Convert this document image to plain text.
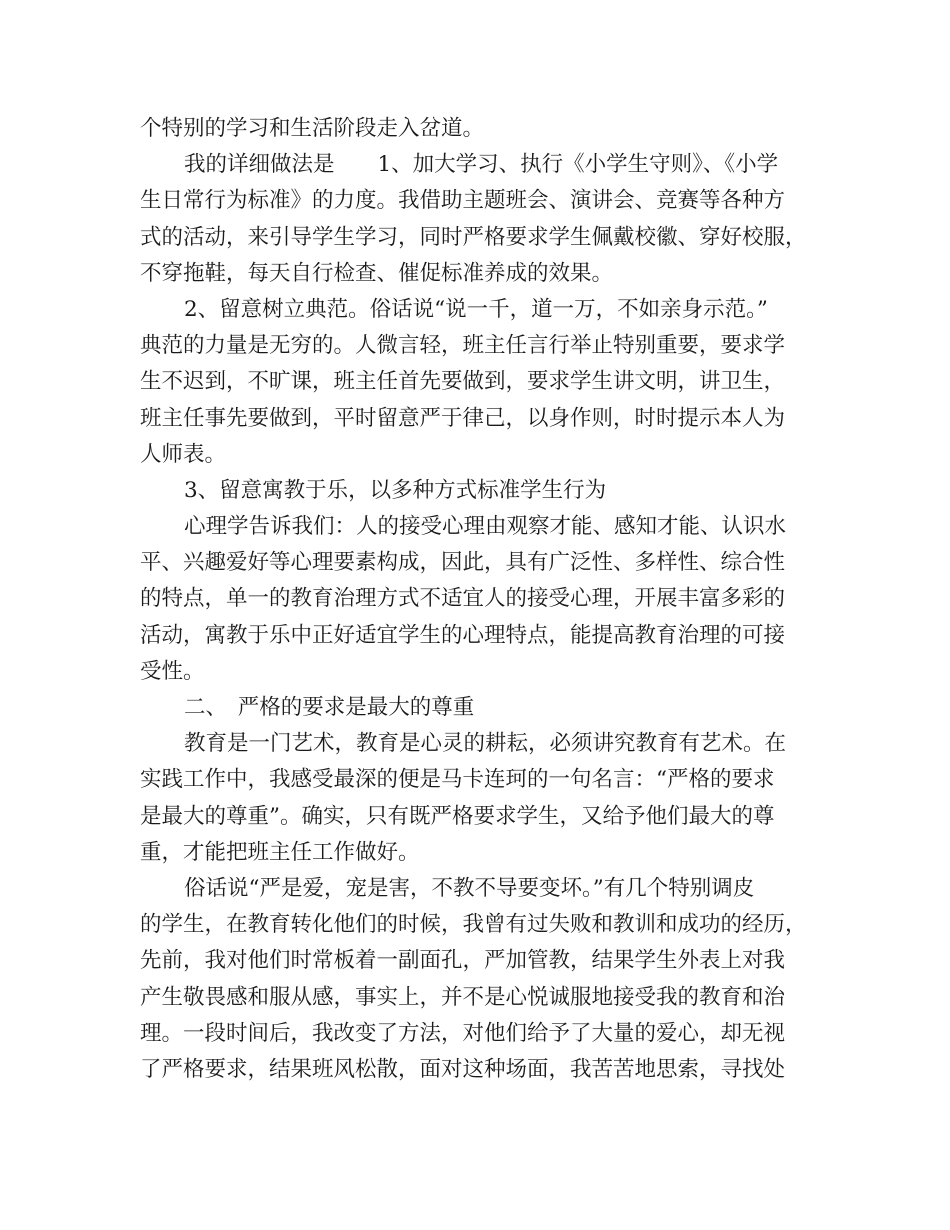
个特别的学习和生活阶段走入岔道。
我的详细做法是　　1、加大学习、执行《小学生守则》、《小学
生日常行为标准》的力度。我借助主题班会、演讲会、竞赛等各种方
式的活动，来引导学生学习，同时严格要求学生佩戴校徽、穿好校服，
不穿拖鞋，每天自行检查、催促标准养成的效果。
2、留意树立典范。俗话说“说一千，道一万，不如亲身示范。”
典范的力量是无穷的。人微言轻，班主任言行举止特别重要，要求学
生不迟到，不旷课，班主任首先要做到，要求学生讲文明，讲卫生，
班主任事先要做到，平时留意严于律己，以身作则，时时提示本人为
人师表。
3、留意寓教于乐，以多种方式标准学生行为
心理学告诉我们：人的接受心理由观察才能、感知才能、认识水
平、兴趣爱好等心理要素构成，因此，具有广泛性、多样性、综合性
的特点，单一的教育治理方式不适宜人的接受心理，开展丰富多彩的
活动，寓教于乐中正好适宜学生的心理特点，能提高教育治理的可接
受性。
二、　严格的要求是最大的尊重
教育是一门艺术，教育是心灵的耕耘，必须讲究教育有艺术。在
实践工作中，我感受最深的便是马卡连珂的一句名言：“严格的要求
是最大的尊重”。确实，只有既严格要求学生，又给予他们最大的尊
重，才能把班主任工作做好。
俗话说“严是爱，宠是害，不教不导要变坏。”有几个特别调皮
的学生，在教育转化他们的时候，我曾有过失败和教训和成功的经历，
先前，我对他们时常板着一副面孔，严加管教，结果学生外表上对我
产生敬畏感和服从感，事实上，并不是心悦诚服地接受我的教育和治
理。一段时间后，我改变了方法，对他们给予了大量的爱心，却无视
了严格要求，结果班风松散，面对这种场面，我苦苦地思索，寻找处
